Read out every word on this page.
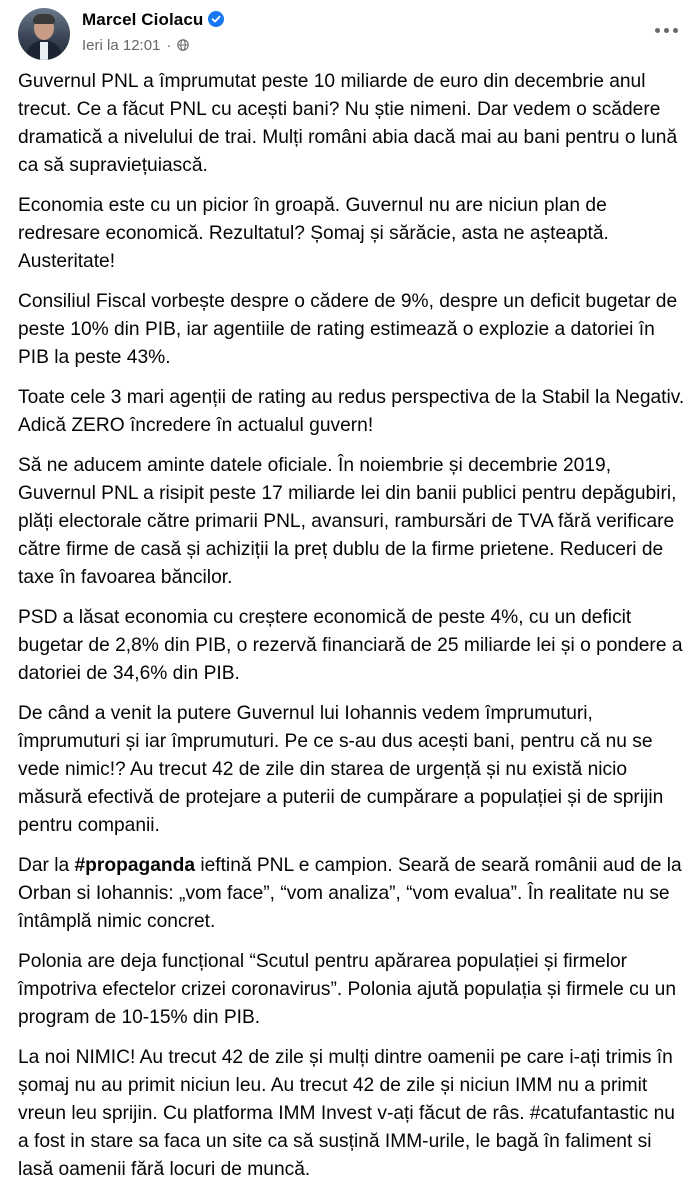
Marcel Ciolacu
Ieri la 12:01 ·

Guvernul PNL a împrumutat peste 10 miliarde de euro din decembrie anul trecut. Ce a făcut PNL cu acești bani? Nu știe nimeni. Dar vedem o scădere dramatică a nivelului de trai. Mulți români abia dacă mai au bani pentru o lună ca să supraviețuiască.

Economia este cu un picior în groapă. Guvernul nu are niciun plan de redresare economică. Rezultatul? Șomaj și sărăcie, asta ne așteaptă. Austeritate!

Consiliul Fiscal vorbește despre o cădere de 9%, despre un deficit bugetar de peste 10% din PIB, iar agentiile de rating estimează o explozie a datoriei în PIB la peste 43%.

Toate cele 3 mari agenții de rating au redus perspectiva de la Stabil la Negativ. Adică ZERO încredere în actualul guvern!

Să ne aducem aminte datele oficiale. În noiembrie și decembrie 2019, Guvernul PNL a risipit peste 17 miliarde lei din banii publici pentru depăgubiri, plăți electorale către primarii PNL, avansuri, rambursări de TVA fără verificare către firme de casă și achiziții la preț dublu de la firme prietene. Reduceri de taxe în favoarea băncilor.

PSD a lăsat economia cu creștere economică de peste 4%, cu un deficit bugetar de 2,8% din PIB, o rezervă financiară de 25 miliarde lei și o pondere a datoriei de 34,6% din PIB.

De când a venit la putere Guvernul lui Iohannis vedem împrumuturi, împrumuturi și iar împrumuturi. Pe ce s-au dus acești bani, pentru că nu se vede nimic!? Au trecut 42 de zile din starea de urgență și nu există nicio măsură efectivă de protejare a puterii de cumpărare a populației și de sprijin pentru companii.

Dar la #propaganda ieftină PNL e campion. Seară de seară românii aud de la Orban si Iohannis: „vom face”, “vom analiza”, “vom evalua”. În realitate nu se întâmplă nimic concret.

Polonia are deja funcțional “Scutul pentru apărarea populației și firmelor împotriva efectelor crizei coronavirus”. Polonia ajută populația și firmele cu un program de 10-15% din PIB.

La noi NIMIC! Au trecut 42 de zile și mulți dintre oamenii pe care i-ați trimis în șomaj nu au primit niciun leu. Au trecut 42 de zile și niciun IMM nu a primit vreun leu sprijin. Cu platforma IMM Invest v-ați făcut de râs. #catufantastic nu a fost in stare sa faca un site ca să susțină IMM-urile, le bagă în faliment si lasă oamenii fără locuri de muncă.
